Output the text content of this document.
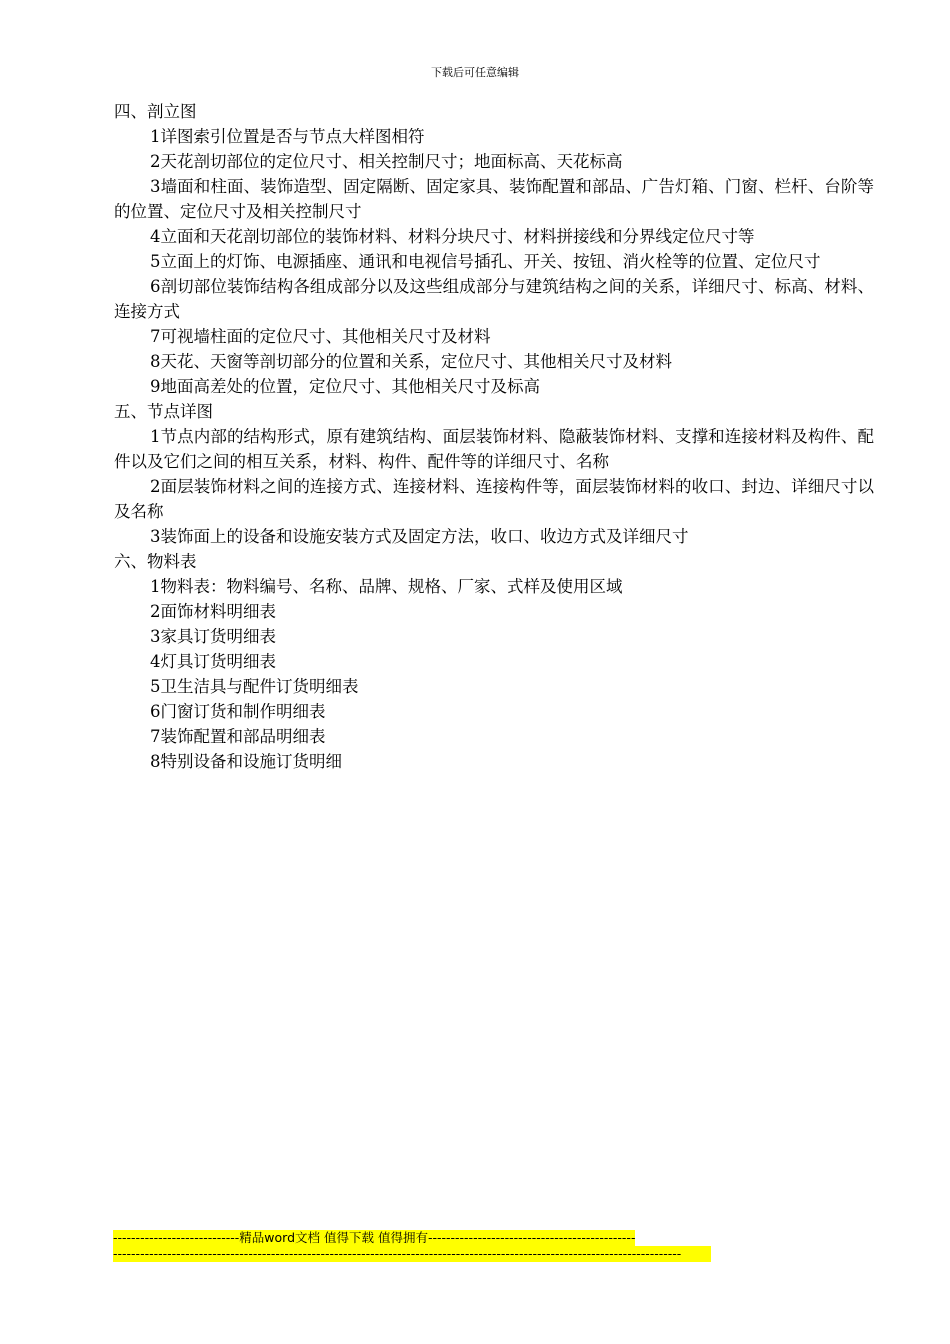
下载后可任意编辑

四、剖立图

1详图索引位置是否与节点大样图相符

2天花剖切部位的定位尺寸、相关控制尺寸；地面标高、天花标高

3墙面和柱面、装饰造型、固定隔断、固定家具、装饰配置和部品、广告灯箱、门窗、栏杆、台阶等的位置、定位尺寸及相关控制尺寸

4立面和天花剖切部位的装饰材料、材料分块尺寸、材料拼接线和分界线定位尺寸等

5立面上的灯饰、电源插座、通讯和电视信号插孔、开关、按钮、消火栓等的位置、定位尺寸

6剖切部位装饰结构各组成部分以及这些组成部分与建筑结构之间的关系，详细尺寸、标高、材料、连接方式

7可视墙柱面的定位尺寸、其他相关尺寸及材料

8天花、天窗等剖切部分的位置和关系，定位尺寸、其他相关尺寸及材料

9地面高差处的位置，定位尺寸、其他相关尺寸及标高

五、节点详图

1节点内部的结构形式，原有建筑结构、面层装饰材料、隐蔽装饰材料、支撑和连接材料及构件、配件以及它们之间的相互关系，材料、构件、配件等的详细尺寸、名称

2面层装饰材料之间的连接方式、连接材料、连接构件等，面层装饰材料的收口、封边、详细尺寸以及名称

3装饰面上的设备和设施安装方式及固定方法，收口、收边方式及详细尺寸

六、物料表

1物料表：物料编号、名称、品牌、规格、厂家、式样及使用区域

2面饰材料明细表

3家具订货明细表

4灯具订货明细表

5卫生洁具与配件订货明细表

6门窗订货和制作明细表

7装饰配置和部品明细表

8特别设备和设施订货明细

----------------------------精品word文档 值得下载 值得拥有----------------------------------------------
------------------------------------------------------------------------------------------------------------------------------
